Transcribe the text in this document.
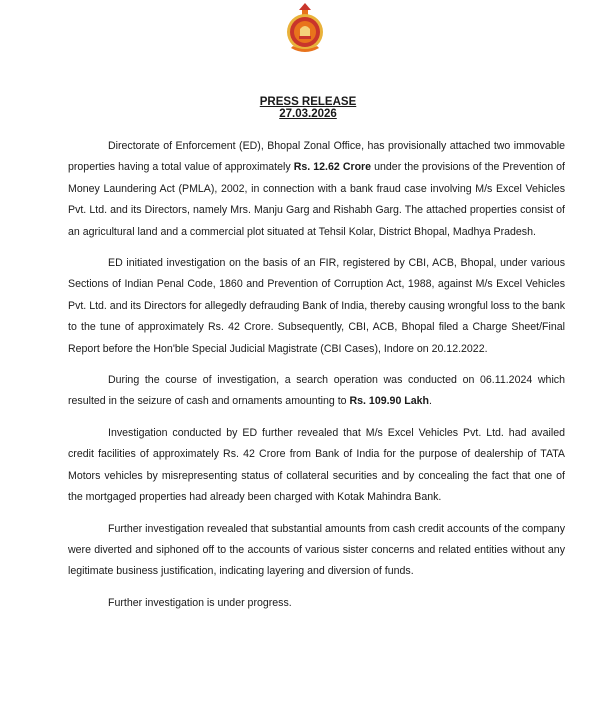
PRESS RELEASE
27.03.2026

Directorate of Enforcement (ED), Bhopal Zonal Office, has provisionally attached two immovable properties having a total value of approximately Rs. 12.62 Crore under the provisions of the Prevention of Money Laundering Act (PMLA), 2002, in connection with a bank fraud case involving M/s Excel Vehicles Pvt. Ltd. and its Directors, namely Mrs. Manju Garg and Rishabh Garg. The attached properties consist of an agricultural land and a commercial plot situated at Tehsil Kolar, District Bhopal, Madhya Pradesh.

ED initiated investigation on the basis of an FIR, registered by CBI, ACB, Bhopal, under various Sections of Indian Penal Code, 1860 and Prevention of Corruption Act, 1988, against M/s Excel Vehicles Pvt. Ltd. and its Directors for allegedly defrauding Bank of India, thereby causing wrongful loss to the bank to the tune of approximately Rs. 42 Crore. Subsequently, CBI, ACB, Bhopal filed a Charge Sheet/Final Report before the Hon'ble Special Judicial Magistrate (CBI Cases), Indore on 20.12.2022.

During the course of investigation, a search operation was conducted on 06.11.2024 which resulted in the seizure of cash and ornaments amounting to Rs. 109.90 Lakh.

Investigation conducted by ED further revealed that M/s Excel Vehicles Pvt. Ltd. had availed credit facilities of approximately Rs. 42 Crore from Bank of India for the purpose of dealership of TATA Motors vehicles by misrepresenting status of collateral securities and by concealing the fact that one of the mortgaged properties had already been charged with Kotak Mahindra Bank.

Further investigation revealed that substantial amounts from cash credit accounts of the company were diverted and siphoned off to the accounts of various sister concerns and related entities without any legitimate business justification, indicating layering and diversion of funds.

Further investigation is under progress.
